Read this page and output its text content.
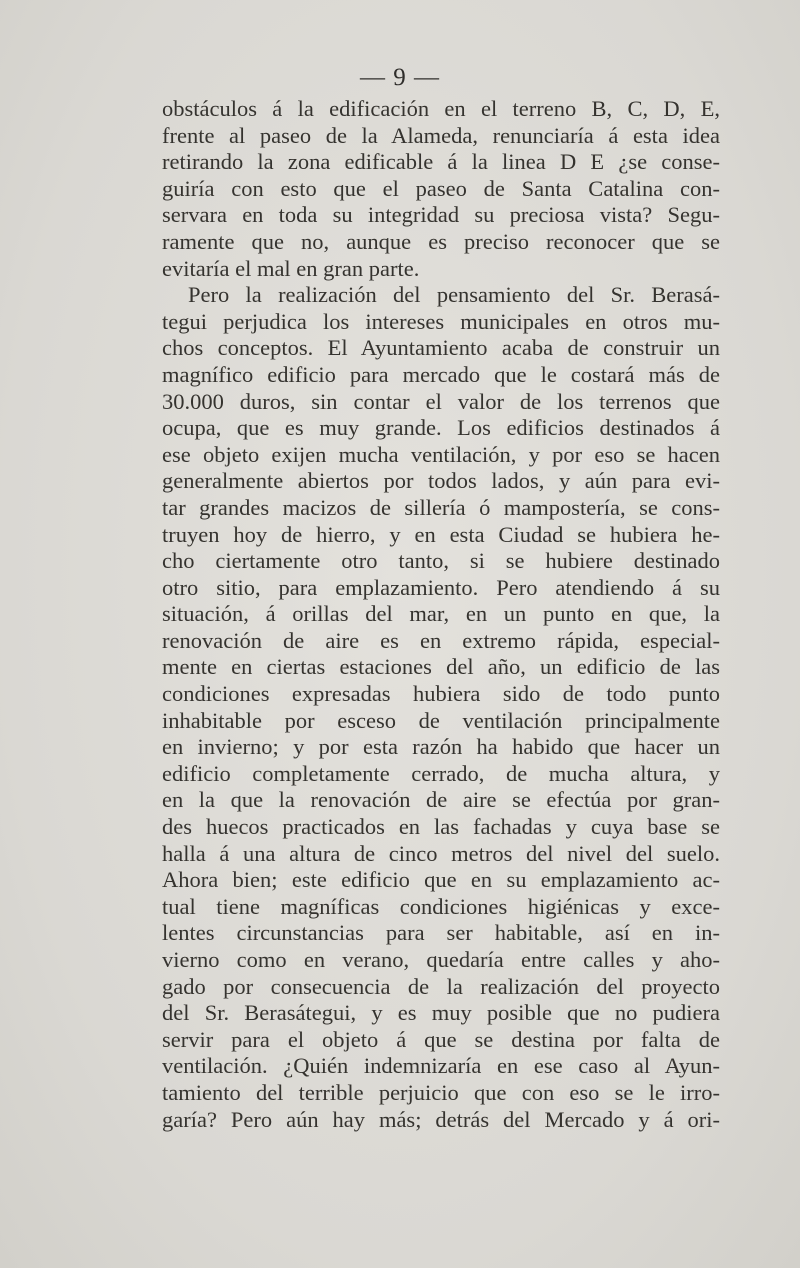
— 9 —
obstáculos á la edificación en el terreno B, C, D, E,
frente al paseo de la Alameda, renunciaría á esta idea
retirando la zona edificable á la linea D E ¿se conse-
guiría con esto que el paseo de Santa Catalina con-
servara en toda su integridad su preciosa vista? Segu-
ramente que no, aunque es preciso reconocer que se
evitaría el mal en gran parte.
Pero la realización del pensamiento del Sr. Berasá-
tegui perjudica los intereses municipales en otros mu-
chos conceptos. El Ayuntamiento acaba de construir un
magnífico edificio para mercado que le costará más de
30.000 duros, sin contar el valor de los terrenos que
ocupa, que es muy grande. Los edificios destinados á
ese objeto exijen mucha ventilación, y por eso se hacen
generalmente abiertos por todos lados, y aún para evi-
tar grandes macizos de sillería ó mampostería, se cons-
truyen hoy de hierro, y en esta Ciudad se hubiera he-
cho ciertamente otro tanto, si se hubiere destinado
otro sitio, para emplazamiento. Pero atendiendo á su
situación, á orillas del mar, en un punto en que, la
renovación de aire es en extremo rápida, especial-
mente en ciertas estaciones del año, un edificio de las
condiciones expresadas hubiera sido de todo punto
inhabitable por esceso de ventilación principalmente
en invierno; y por esta razón ha habido que hacer un
edificio completamente cerrado, de mucha altura, y
en la que la renovación de aire se efectúa por gran-
des huecos practicados en las fachadas y cuya base se
halla á una altura de cinco metros del nivel del suelo.
Ahora bien; este edificio que en su emplazamiento ac-
tual tiene magníficas condiciones higiénicas y exce-
lentes circunstancias para ser habitable, así en in-
vierno como en verano, quedaría entre calles y aho-
gado por consecuencia de la realización del proyecto
del Sr. Berasátegui, y es muy posible que no pudiera
servir para el objeto á que se destina por falta de
ventilación. ¿Quién indemnizaría en ese caso al Ayun-
tamiento del terrible perjuicio que con eso se le irro-
garía? Pero aún hay más; detrás del Mercado y á ori-
